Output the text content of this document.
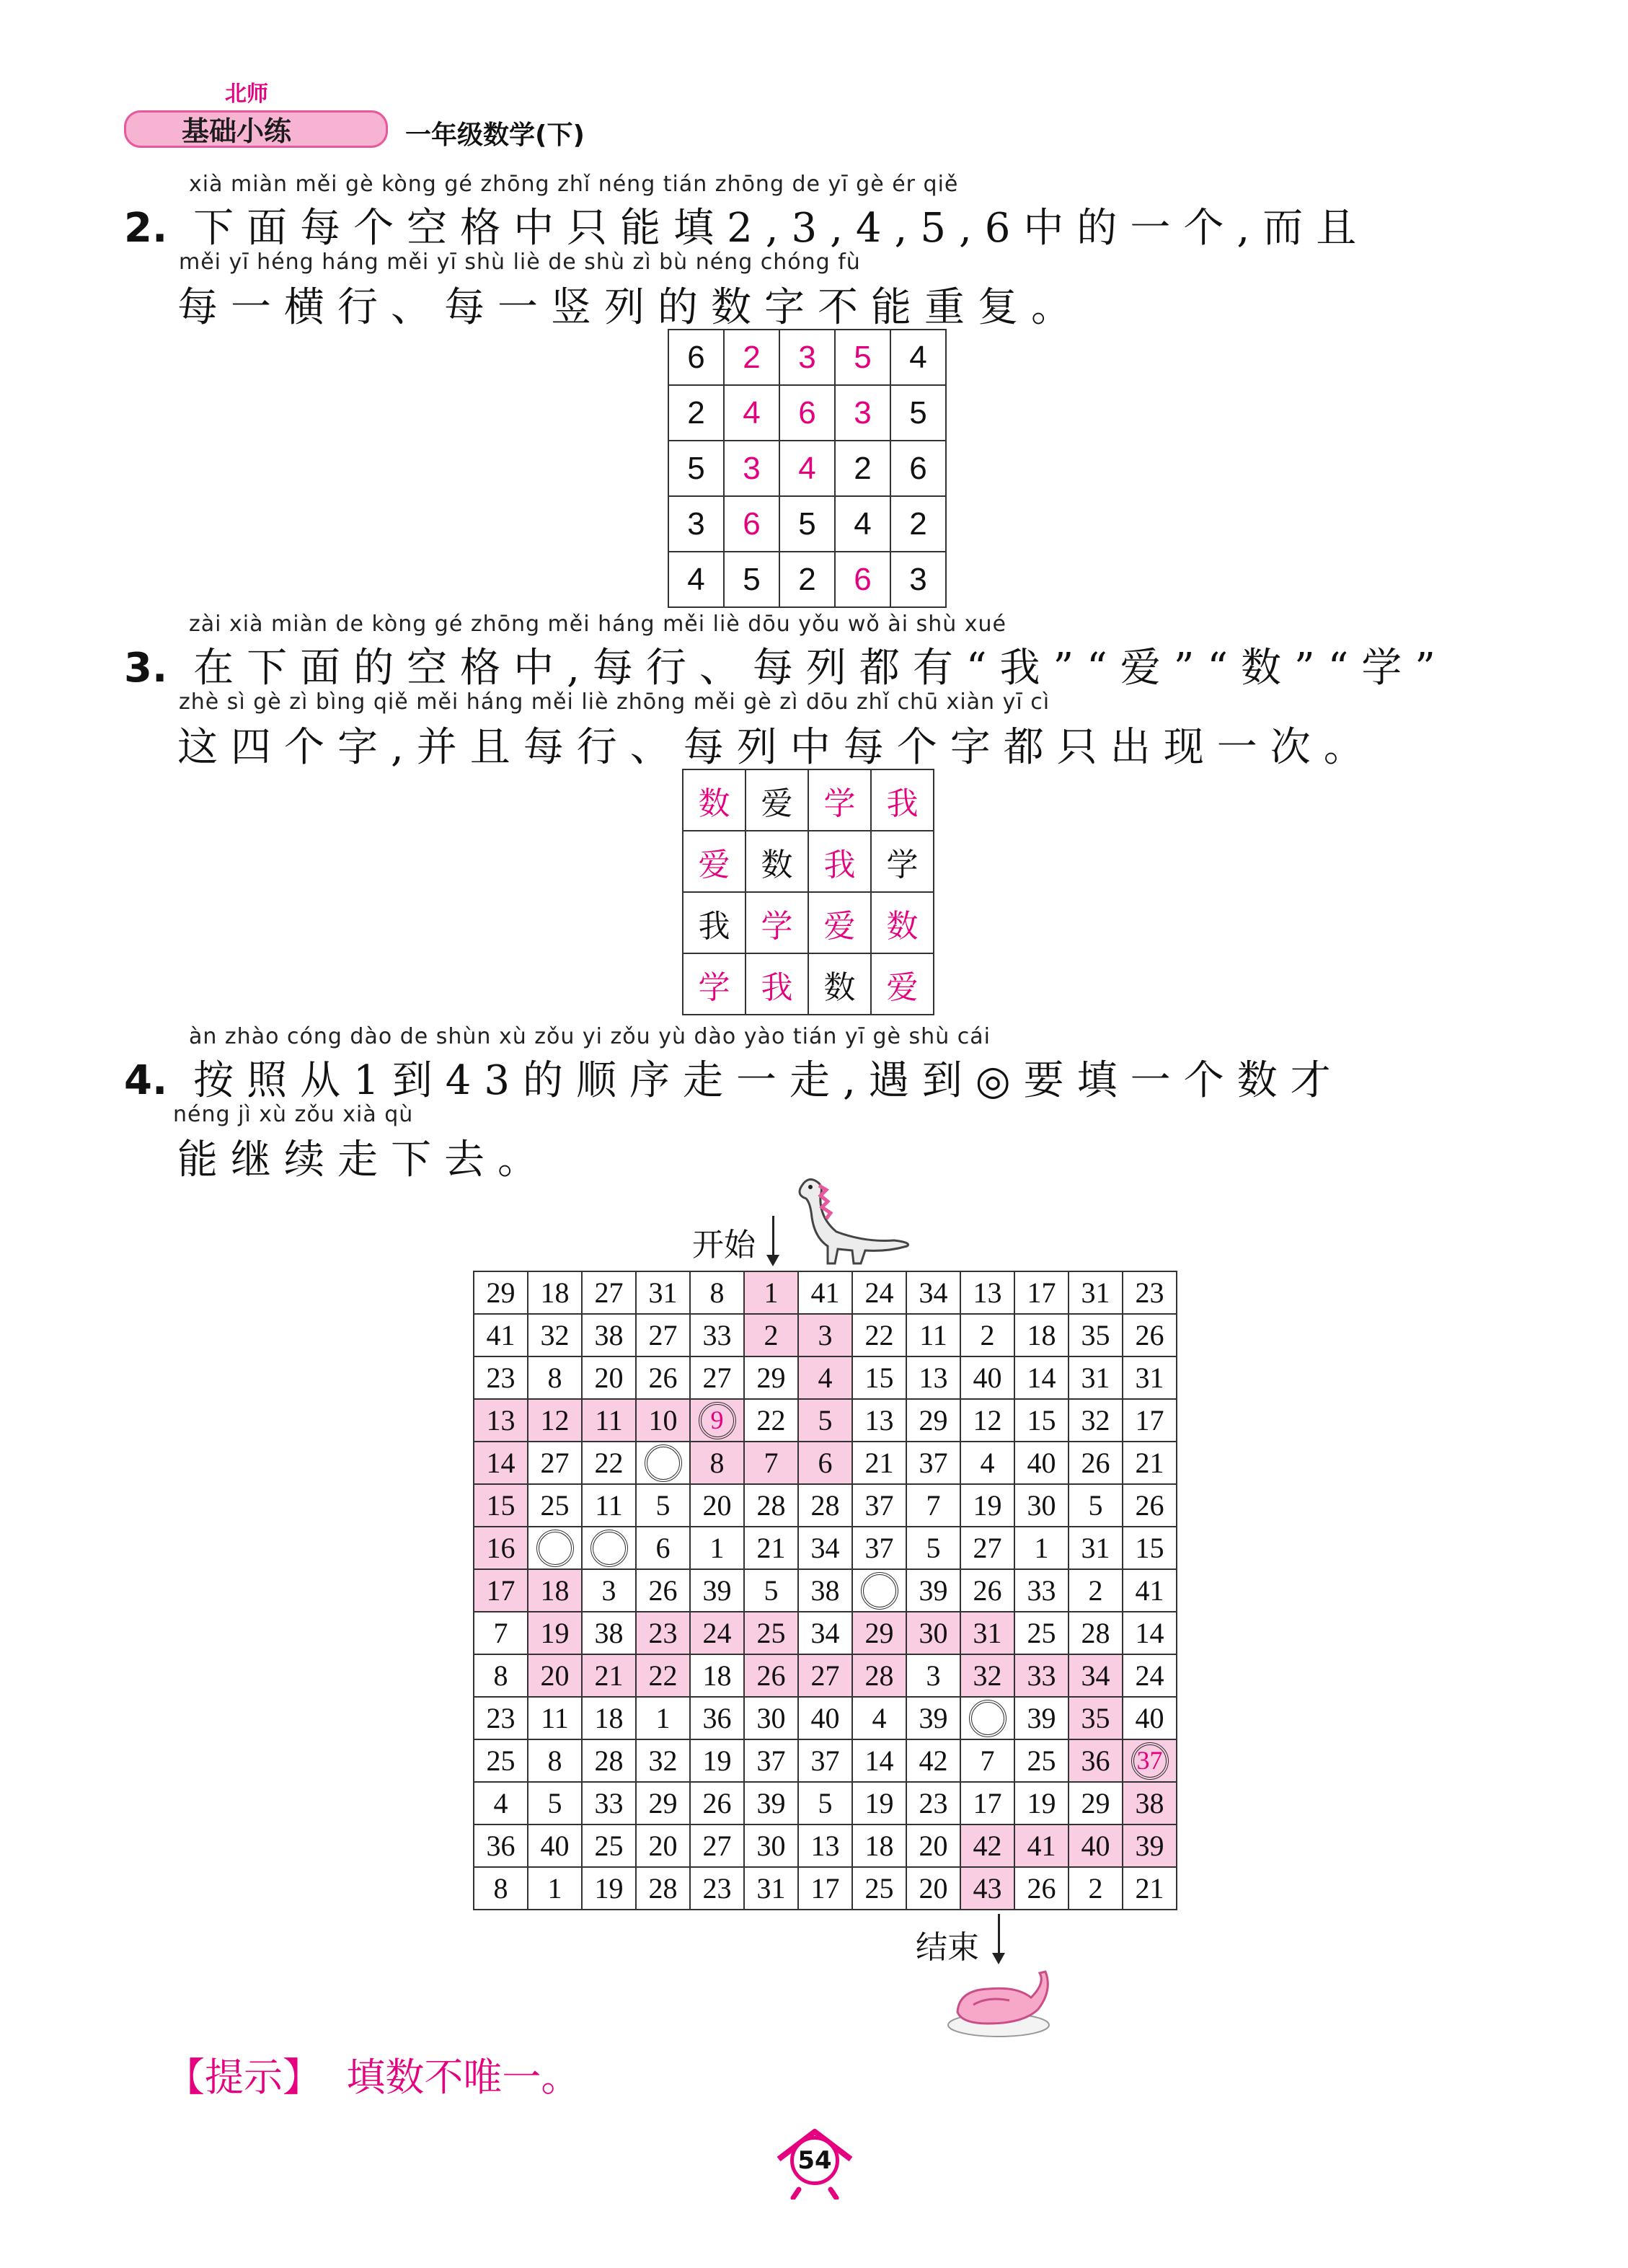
北师
基础小练	一年级数学(下)
xià miàn měi gè kòng gé zhōng zhǐ néng tián zhōng de yī gè ér qiě
2. 下面每个空格中只能填2,3,4,5,6中的一个,而且
měi yī héng háng měi yī shù liè de shù zì bù néng chóng fù
每一横行、每一竖列的数字不能重复。
6	2	3	5	4
2	4	6	3	5
5	3	4	2	6
3	6	5	4	2
4	5	2	6	3
zài xià miàn de kòng gé zhōng měi háng měi liè dōu yǒu wǒ ài shù xué
3. 在下面的空格中,每行、每列都有“我”“爱”“数”“学”
zhè sì gè zì bìng qiě měi háng měi liè zhōng měi gè zì dōu zhǐ chū xiàn yī cì
这四个字,并且每行、每列中每个字都只出现一次。
数	爱	学	我
爱	数	我	学
我	学	爱	数
学	我	数	爱
àn zhào cóng dào de shùn xù zǒu yi zǒu yù dào yào tián yī gè shù cái
4. 按照从1到43的顺序走一走,遇到◎要填一个数才
néng jì xù zǒu xià qù
能继续走下去。
开始
29	18	27	31	8	1	41	24	34	13	17	31	23
41	32	38	27	33	2	3	22	11	2	18	35	26
23	8	20	26	27	29	4	15	13	40	14	31	31
13	12	11	10	9	22	5	13	29	12	15	32	17
14	27	22		8	7	6	21	37	4	40	26	21
15	25	11	5	20	28	28	37	7	19	30	5	26
16			6	1	21	34	37	5	27	1	31	15
17	18	3	26	39	5	38		39	26	33	2	41
7	19	38	23	24	25	34	29	30	31	25	28	14
8	20	21	22	18	26	27	28	3	32	33	34	24
23	11	18	1	36	30	40	4	39		39	35	40
25	8	28	32	19	37	37	14	42	7	25	36	37
4	5	33	29	26	39	5	19	23	17	19	29	38
36	40	25	20	27	30	13	18	20	42	41	40	39
8	1	19	28	23	31	17	25	20	43	26	2	21
结束
【提示】 填数不唯一。
54
